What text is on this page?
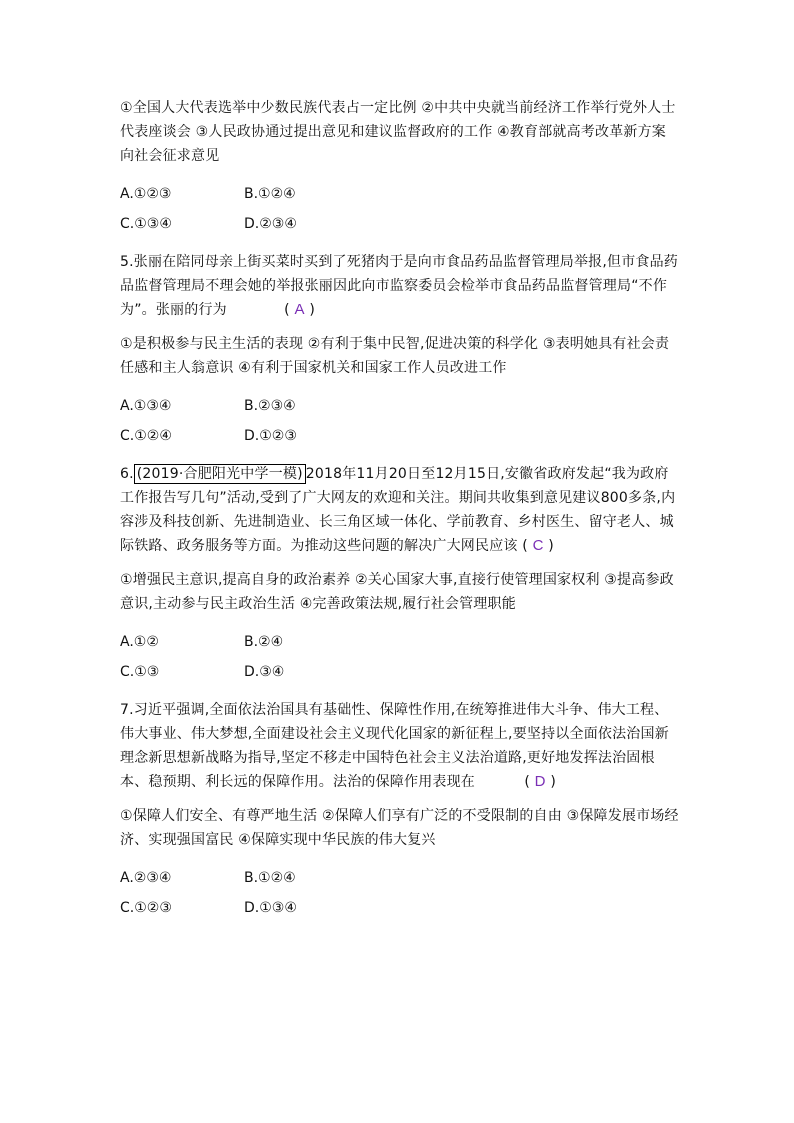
①全国人大代表选举中少数民族代表占一定比例 ②中共中央就当前经济工作举行党外人士代表座谈会 ③人民政协通过提出意见和建议监督政府的工作 ④教育部就高考改革新方案向社会征求意见

A.①②③	B.①②④
C.①③④	D.②③④

5.张丽在陪同母亲上街买菜时买到了死猪肉于是向市食品药品监督管理局举报,但市食品药品监督管理局不理会她的举报张丽因此向市监察委员会检举市食品药品监督管理局“不作为”。张丽的行为	( A )

①是积极参与民主生活的表现 ②有利于集中民智,促进决策的科学化 ③表明她具有社会责任感和主人翁意识 ④有利于国家机关和国家工作人员改进工作

A.①③④	B.②③④
C.①②④	D.①②③

6. (2019·合肥阳光中学一模) 2018年11月20日至12月15日,安徽省政府发起“我为政府工作报告写几句”活动,受到了广大网友的欢迎和关注。期间共收集到意见建议800多条,内容涉及科技创新、先进制造业、长三角区域一体化、学前教育、乡村医生、留守老人、城际铁路、政务服务等方面。为推动这些问题的解决广大网民应该 ( C )

①增强民主意识,提高自身的政治素养 ②关心国家大事,直接行使管理国家权利 ③提高参政意识,主动参与民主政治生活 ④完善政策法规,履行社会管理职能

A.①②	B.②④
C.①③	D.③④

7.习近平强调,全面依法治国具有基础性、保障性作用,在统筹推进伟大斗争、伟大工程、伟大事业、伟大梦想,全面建设社会主义现代化国家的新征程上,要坚持以全面依法治国新理念新思想新战略为指导,坚定不移走中国特色社会主义法治道路,更好地发挥法治固根本、稳预期、利长远的保障作用。法治的保障作用表现在	( D )

①保障人们安全、有尊严地生活 ②保障人们享有广泛的不受限制的自由 ③保障发展市场经济、实现强国富民 ④保障实现中华民族的伟大复兴

A.②③④	B.①②④
C.①②③	D.①③④
